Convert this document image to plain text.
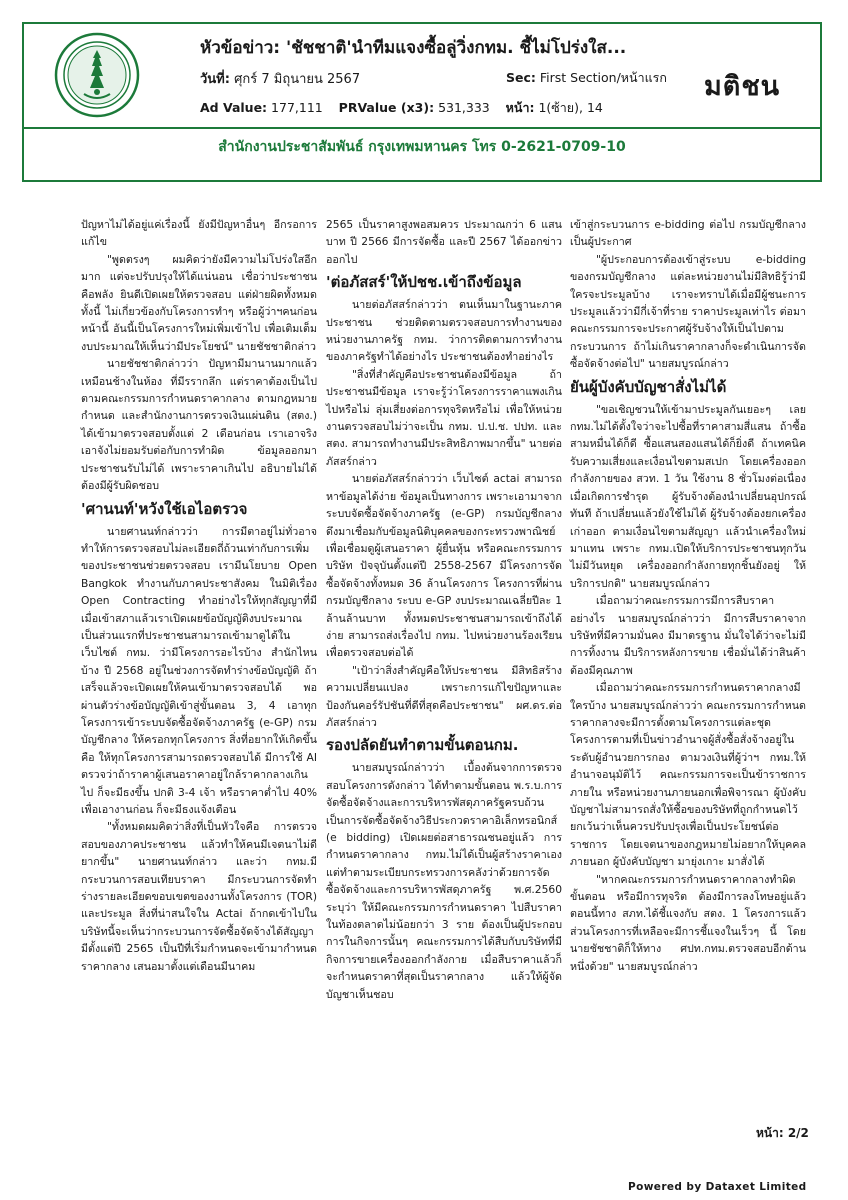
หัวข้อข่าว: 'ชัชชาติ'นำทีมแจงซื้อลู่วิ่งกทม. ชี้ไม่โปร่งใส...
วันที่: ศุกร์ 7 มิถุนายน 2567	Sec: First Section/หน้าแรก
Ad Value: 177,111 PRValue (x3): 531,333 หน้า: 1(ซ้าย), 14
มติชน
สำนักงานประชาสัมพันธ์ กรุงเทพมหานคร โทร 0-2621-0709-10

ปัญหาไม่ได้อยู่แค่เรื่องนี้ ยังมีปัญหาอื่นๆ อีกรอการแก้ไข

"พูดตรงๆ ผมคิดว่ายังมีความไม่โปร่งใสอีกมาก แต่จะปรับปรุงให้ได้แน่นอน เชื่อว่าประชาชนคือพลัง ยินดีเปิดเผยให้ตรวจสอบ แต่ฝ่ายผิดทั้งหมด ทั้งนี้ ไม่เกี่ยวข้องกับโครงการทำๆ หรือผู้ว่าฯคนก่อนหน้านี้ อันนี้เป็นโครงการใหม่เพิ่มเข้าไป เพื่อเติมเต็มงบประมาณให้เห็นว่ามีประโยชน์" นายชัชชาติกล่าว

นายชัชชาติกล่าวว่า ปัญหามีมานานมากแล้ว เหมือนช้างในห้อง ที่มีรรากลึก แต่ราคาต้องเป็นไปตามคณะกรรมการกำหนดราคากลาง ตามกฎหมายกำหนด และสำนักงานการตรวจเงินแผ่นดิน (สตง.) ได้เข้ามาตรวจสอบตั้งแต่ 2 เดือนก่อน เราเอาจริงเอาจังไม่ยอมรับต่อกับการทำผิด ข้อมูลออกมาประชาชนรับไม่ได้ เพราะราคาเกินไป อธิบายไม่ได้ ต้องมีผู้รับผิดชอบ

'ศานนท์'หวังใช้เอไอตรวจ

นายศานนท์กล่าวว่า การมีตาอยู่ไม่ทั่วอาจทำให้การตรวจสอบไม่ละเอียดถี่ถ้วนเท่ากับการเพิ่มของประชาชนช่วยตรวจสอบ เรามีนโยบาย Open Bangkok ทำงานกับภาคประชาสังคม ในมิติเรื่อง Open Contracting ทำอย่างไรให้ทุกสัญญาที่มี เมื่อเข้าสภาแล้วเราเปิดเผยข้อบัญญัติงบประมาณ เป็นส่วนแรกที่ประชาชนสามารถเข้ามาดูได้ในเว็บไซต์ กทม. ว่ามีโครงการอะไรบ้าง สำนักไหนบ้าง ปี 2568 อยู่ในช่วงการจัดทำร่างข้อบัญญัติ ถ้าเสร็จแล้วจะเปิดเผยให้คนเข้ามาตรวจสอบได้ พอผ่านตัวร่างข้อบัญญัติเข้าสู่ขั้นตอน 3, 4 เอาทุกโครงการเข้าระบบจัดซื้อจัดจ้างภาครัฐ (e-GP) กรมบัญชีกลาง ให้ครอกทุกโครงการ สิ่งที่อยากให้เกิดขึ้นคือ ให้ทุกโครงการสามารถตรวจสอบได้ มีการใช้ AI ตรวจว่าถ้าราคาผู้เสนอราคาอยู่ใกล้ราคากลางเกินไป ก็จะมีธงขึ้น ปกติ 3-4 เจ้า หรือราคาต่ำไป 40% เพื่อเอางานก่อน ก็จะมีธงแจ้งเตือน

"ทั้งหมดผมคิดว่าสิ่งที่เป็นหัวใจคือ การตรวจสอบของภาคประชาชน แล้วทำให้คนมีเจตนาไม่ดียากขึ้น" นายศานนท์กล่าว และว่า กทม.มีกระบวนการสอบเทียบราคา มีกระบวนการจัดทำ ร่างรายละเอียดขอบเขตของงานทั้งโครงการ (TOR) และประมูล สิ่งที่น่าสนใจใน Actai ถ้ากดเข้าไปในบริษัทนี้จะเห็นว่ากระบวนการจัดซื้อจัดจ้างได้สัญญามีตั้งแต่ปี 2565 เป็นปีที่เริ่มกำหนดจะเข้ามากำหนดราคากลาง เสนอมาตั้งแต่เดือนมีนาคม

2565 เป็นราคาสูงพอสมควร ประมาณกว่า 6 แสนบาท ปี 2566 มีการจัดซื้อ และปี 2567 ได้ออกข่าวออกไป

'ต่อภัสสร์'ให้ปชช.เข้าถึงข้อมูล

นายต่อภัสสร์กล่าวว่า ตนเห็นมาในฐานะภาคประชาชน ช่วยติดตามตรวจสอบการทำงานของหน่วยงานภาครัฐ กทม. ว่าการติดตามการทำงานของภาครัฐทำได้อย่างไร ประชาชนต้องทำอย่างไร

"สิ่งที่สำคัญคือประชาชนต้องมีข้อมูล ถ้าประชาชนมีข้อมูล เราจะรู้ว่าโครงการราคาแพงเกินไปหรือไม่ ลุ่มเสี่ยงต่อการทุจริตหรือไม่ เพื่อให้หน่วยงานตรวจสอบไม่ว่าจะเป็น กทม. ป.ป.ช. ปปท. และ สตง. สามารถทำงานมีประสิทธิภาพมากขึ้น" นายต่อภัสสร์กล่าว

นายต่อภัสสร์กล่าวว่า เว็บไซต์ actai สามารถหาข้อมูลได้ง่าย ข้อมูลเป็นทางการ เพราะเอามาจากระบบจัดซื้อจัดจ้างภาครัฐ (e-GP) กรมบัญชีกลาง ดึงมาเชื่อมกับข้อมูลนิติบุคคลของกระทรวงพาณิชย์ เพื่อเชื่อมดูผู้เสนอราคา ผู้ยื่นหุ้น หรือคณะกรรมการบริษัท ปัจจุบันตั้งแต่ปี 2558-2567 มีโครงการจัดซื้อจัดจ้างทั้งหมด 36 ล้านโครงการ โครงการที่ผ่านกรมบัญชีกลาง ระบบ e-GP งบประมาณเฉลี่ยปีละ 1 ล้านล้านบาท ทั้งหมดประชาชนสามารถเข้าถึงได้ง่าย สามารถส่งเรื่องไป กทม. ไปหน่วยงานร้องเรียน เพื่อตรวจสอบต่อได้

"เป้าว่าสิ่งสำคัญคือให้ประชาชน มีสิทธิสร้างความเปลี่ยนแปลง เพราะการแก้ไขปัญหาและป้องกันคอร์รัปชันที่ดีที่สุดคือประชาชน" ผศ.ดร.ต่อภัสสร์กล่าว

รองปลัดยันทำตามขั้นตอนกม.

นายสมบูรณ์กล่าวว่า เบื้องต้นจากการตรวจสอบโครงการดังกล่าว ได้ทำตามขั้นตอน พ.ร.บ.การจัดซื้อจัดจ้างและการบริหารพัสดุภาครัฐครบถ้วน เป็นการจัดซื้อจัดจ้างวิธีประกวดราคาอิเล็กทรอนิกส์ (e bidding) เปิดเผยต่อสาธารณชนอยู่แล้ว การกำหนดราคากลาง กทม.ไม่ได้เป็นผู้สร้างราคาเอง แต่ทำตามระเบียบกระทรวงการคลังว่าด้วยการจัดซื้อจัดจ้างและการบริหารพัสดุภาครัฐ พ.ศ.2560 ระบุว่า ให้มีคณะกรรมการกำหนดราคา ไปสืบราคาในท้องตลาดไม่น้อยกว่า 3 ราย ต้องเป็นผู้ประกอบการในกิจการนั้นๆ คณะกรรมการได้สืบกับบริษัทที่มีกิจการขายเครื่องออกกำลังกาย เมื่อสืบราคาแล้วก็จะกำหนดราคาที่สุดเป็นราคากลาง แล้วให้ผู้จัดบัญชาเห็นชอบ

เข้าสู่กระบวนการ e-bidding ต่อไป กรมบัญชีกลางเป็นผู้ประกาศ

"ผู้ประกอบการต้องเข้าสู่ระบบ e-bidding ของกรมบัญชีกลาง แต่ละหน่วยงานไม่มีสิทธิรู้ว่ามีใครจะประมูลบ้าง เราจะทราบได้เมื่อมีผู้ชนะการประมูลแล้วว่ามีกี่เจ้าที่ราย ราคาประมูลเท่าไร ต่อมาคณะกรรมการจะประกาศผู้รับจ้างให้เป็นไปตามกระบวนการ ถ้าไม่เกินราคากลางก็จะดำเนินการจัดซื้อจัดจ้างต่อไป" นายสมบูรณ์กล่าว

ยันผู้บังคับบัญชาสั่งไม่ได้

"ขอเชิญชวนให้เข้ามาประมูลกันเยอะๆ เลย กทม.ไม่ได้ตั้งใจว่าจะไปซื้อที่ราคาสามสี่แสน ถ้าซื้อสามหมื่นได้ก็ดี ซื้อแสนสองแสนได้ก็ยิ่งดี ถ้าเทคนิครับความเสี่ยงและเงื่อนไขตามสเปก โดยเครื่องออกกำลังกายของ สวท. 1 วัน ใช้งาน 8 ชั่วโมงต่อเนื่อง เมื่อเกิดการชำรุด ผู้รับจ้างต้องนำเปลี่ยนอุปกรณ์ทันที ถ้าเปลี่ยนแล้วยังใช้ไม่ได้ ผู้รับจ้างต้องยกเครื่องเก่าออก ตามเงื่อนไขตามสัญญา แล้วนำเครื่องใหม่มาแทน เพราะ กทม.เปิดให้บริการประชาชนทุกวันไม่มีวันหยุด เครื่องออกกำลังกายทุกชิ้นยังอยู่ ให้บริการปกติ" นายสมบูรณ์กล่าว

เมื่อถามว่าคณะกรรมการมีการสืบราคาอย่างไร นายสมบูรณ์กล่าวว่า มีการสืบราคาจากบริษัทที่มีความมั่นคง มีมาตรฐาน มั่นใจได้ว่าจะไม่มีการทิ้งงาน มีบริการหลังการขาย เชื่อมั่นได้ว่าสินค้าต้องมีคุณภาพ

เมื่อถามว่าคณะกรรมการกำหนดราคากลางมีใครบ้าง นายสมบูรณ์กล่าวว่า คณะกรรมการกำหนดราคากลางจะมีการตั้งตามโครงการแต่ละชุด โครงการตามที่เป็นข่าวอำนาจผู้สั่งซื้อสั่งจ้างอยู่ในระดับผู้อำนวยการกอง ตามวงเงินที่ผู้ว่าฯ กทม.ให้อำนาจอนุมัติไว้ คณะกรรมการจะเป็นข้าราชการภายใน หรือหน่วยงานภายนอกเพื่อพิจารณา ผู้บังคับบัญชาไม่สามารถสั่งให้ซื้อของบริษัทที่ถูกกำหนดไว้ ยกเว้นว่าเห็นควรปรับปรุงเพื่อเป็นประโยชน์ต่อราชการ โดยเจตนาของกฎหมายไม่อยากให้บุคคลภายนอก ผู้บังคับบัญชา มายุ่งเกาะ มาสั่งได้

"หากคณะกรรมการกำหนดราคากลางทำผิดขั้นตอน หรือมีการทุจริต ต้องมีการลงโทษอยู่แล้ว ตอนนี้ทาง สภท.ได้ชี้แจงกับ สตง. 1 โครงการแล้ว ส่วนโครงการที่เหลือจะมีการชี้แจงในเร็วๆ นี้ โดยนายชัชชาติก็ให้ทาง ศปท.กทม.ตรวจสอบอีกด้านหนึ่งด้วย" นายสมบูรณ์กล่าว

หน้า: 2/2
Powered by Dataxet Limited
